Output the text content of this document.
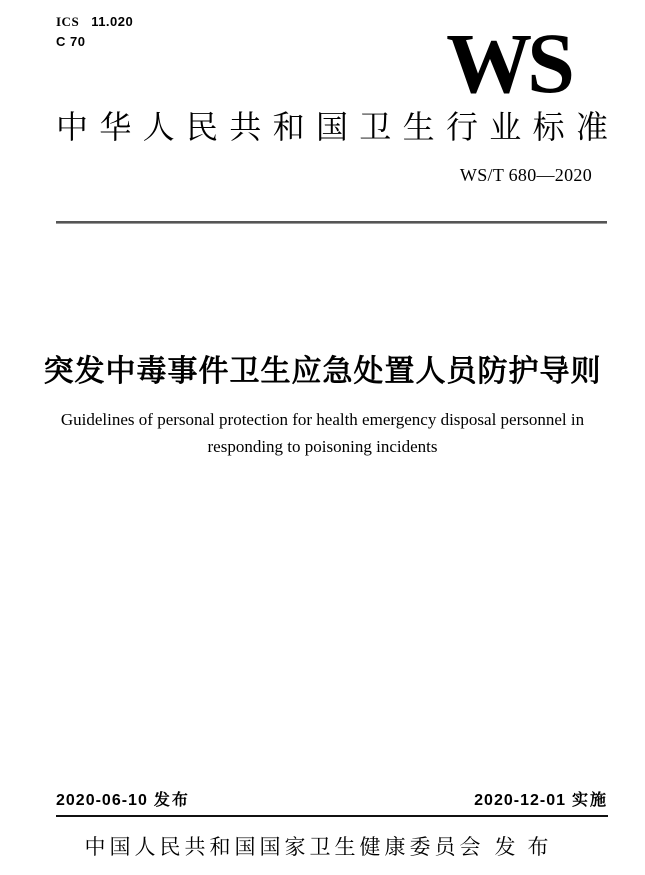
ICS 11.020
C 70	WS
中 华 人 民 共 和 国 卫 生 行 业 标 准
WS/T 680—2020
突发中毒事件卫生应急处置人员防护导则
Guidelines of personal protection for health emergency disposal personnel in
responding to poisoning incidents
2020-06-10 发布	2020-12-01 实施
中国人民共和国国家卫生健康委员会 发布
